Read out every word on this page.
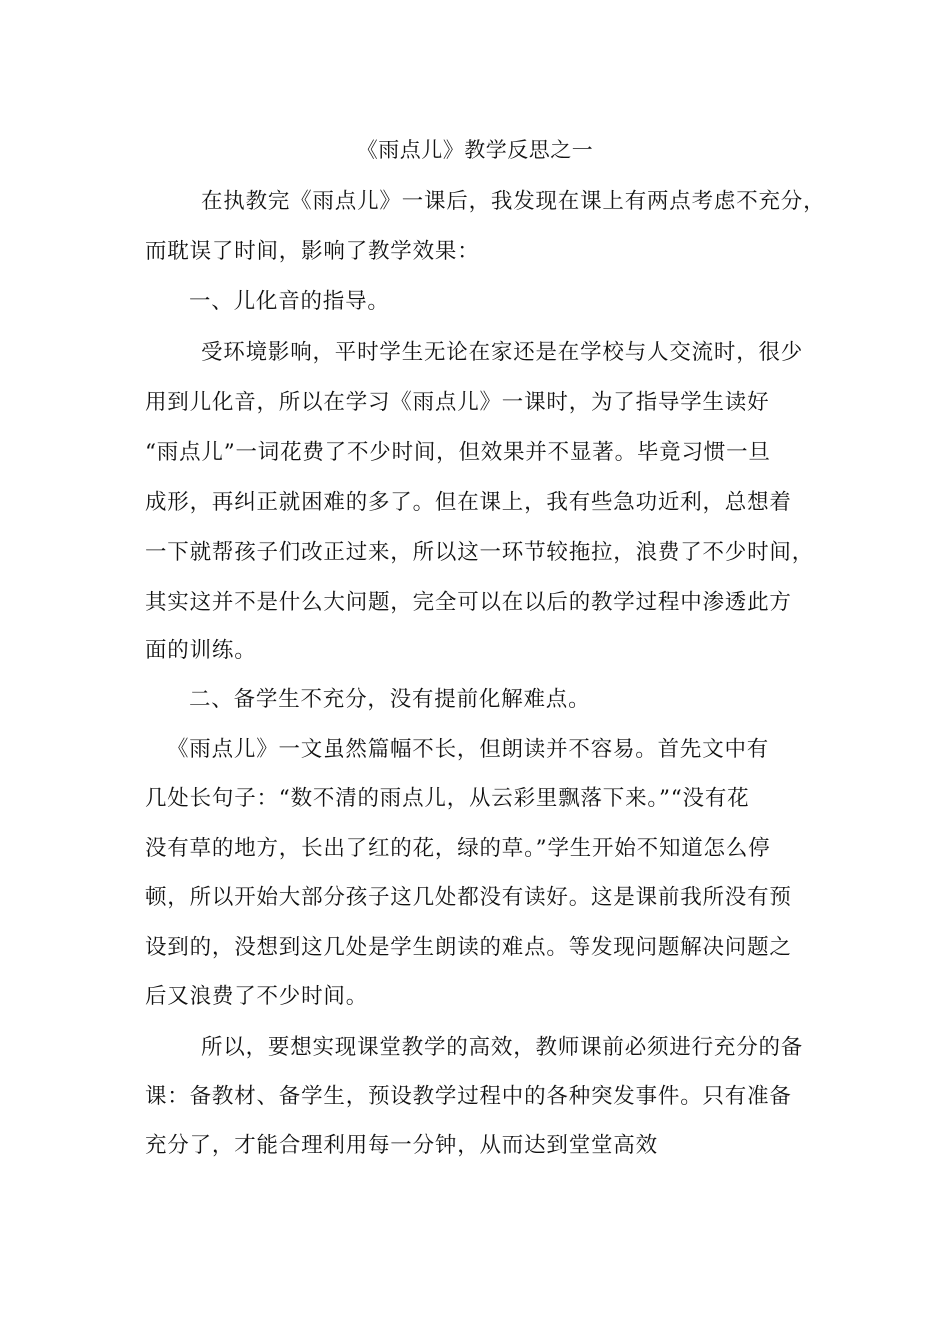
《雨点儿》教学反思之一
在执教完《雨点儿》一课后，我发现在课上有两点考虑不充分，
而耽误了时间，影响了教学效果：
一、儿化音的指导。
受环境影响，平时学生无论在家还是在学校与人交流时，很少
用到儿化音，所以在学习《雨点儿》一课时，为了指导学生读好
“雨点儿”一词花费了不少时间，但效果并不显著。毕竟习惯一旦
成形，再纠正就困难的多了。但在课上，我有些急功近利，总想着
一下就帮孩子们改正过来，所以这一环节较拖拉，浪费了不少时间，
其实这并不是什么大问题，完全可以在以后的教学过程中渗透此方
面的训练。
二、备学生不充分，没有提前化解难点。
《雨点儿》一文虽然篇幅不长，但朗读并不容易。首先文中有
几处长句子：“数不清的雨点儿，从云彩里飘落下来。”“没有花
没有草的地方，长出了红的花，绿的草。”学生开始不知道怎么停
顿，所以开始大部分孩子这几处都没有读好。这是课前我所没有预
设到的，没想到这几处是学生朗读的难点。等发现问题解决问题之
后又浪费了不少时间。
所以，要想实现课堂教学的高效，教师课前必须进行充分的备
课：备教材、备学生，预设教学过程中的各种突发事件。只有准备
充分了，才能合理利用每一分钟，从而达到堂堂高效
